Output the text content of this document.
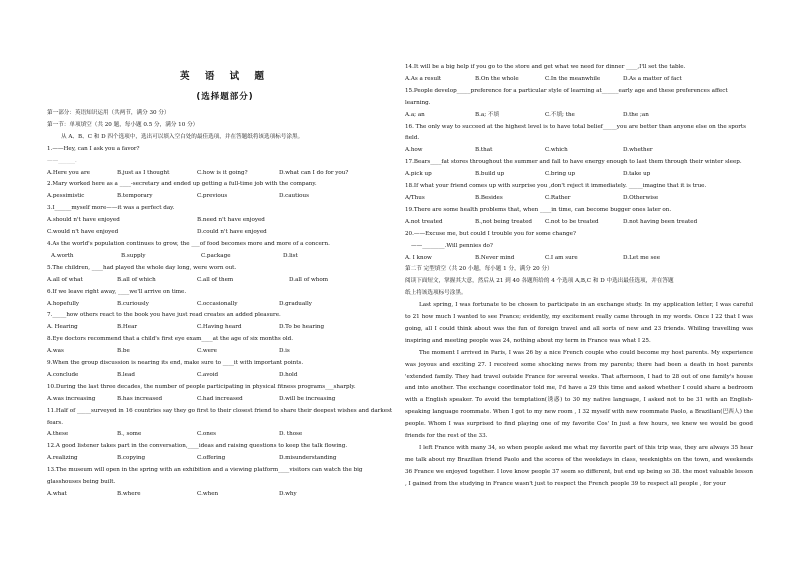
英 语 试 题
(选择题部分)
第一部分：英语知识运用（共两节，满分 30 分）
第一节：单项填空（共 20 题，每小题 0.5 分，满分 10 分）
从 A、B、C 和 D 四个选项中，选出可以填入空白处的最佳选项，并在答题纸将该选项标号涂黑。
1.——Hey, can I ask you a favor?
——______.
A.Here you are	B.just as I thought	C.how is it going?	D.what can I do for you?
2.Mary worked here as a ____-secretary and ended up getting a full-time job with the company.
A.pessimistic	B.temporary	C.previous	D.cautious
3.I______myself more——it was a perfect day.
A.should n't have enjoyed	B.need n't have enjoyed
C.would n't have enjoyed	D.could n't have enjoyed
4.As the world's population continues to grow, the ___of food becomes more and more of a concern.
A.worth	B.supply	C.package	D.list
5.The children, ____had played the whole day long, were worn out.
A.all of what	B.all of which	C.all of them	D.all of whom
6.If we leave right away, ____we'll arrive on time.
A.hopefully	B.curiously	C.occasionally	D.gradually
7._____how others react to the book you have just read creates an added pleasure.
A. Hearing	B.Hear	C.Having heard	D.To be hearing
8.Eye doctors recommend that a child's first eye exam____at the age of six months old.
A.was	B.be	C.were	D.is
9.When the group discussion is nearing its end, make sure to ____it with important points.
A.conclude	B.lead	C.avoid	D.hold
10.During the last three decades, the number of people participating in physical fitness programs___sharply.
A.was increasing	B.has increased	C.had increased	D.will be increasing
11.Half of _____surveyed in 16 countries say they go first to their closest friend to share their deepest wishes and darkest
fears.
A.these	B., some	C.ones	D. those
12.A good listener takes part in the conversation,____ideas and raising questions to keep the talk flowing.
A.realizing	B.copying	C.offering	D.misunderstanding
13.The museum will open in the spring with an exhibition and a viewing platform____visitors can watch the big
glasshouses being built.
A.what	B.where	C.when	D.why
14.It will be a big help if you go to the store and get what we need for dinner ____,I'll set the table.
A.As a result	B.On the whole	C.In the meanwhile	D.As a matter of fact
15.People develop_____preference for a particular style of learning at______early age and these preferences affect
learning.
A.a; an	B.a; 不填	C.不填; the	D.the ;an
16. The only way to succeed at the highest level is to have total belief_____you are better than anyone else on the sports
field.
A.how	B.that	C.which	D.whether
17.Bears____fat stores throughout the summer and fall to have energy enough to last them through their winter sleep.
A.pick up	B.build up	C.bring up	D.take up
18.If what your friend comes up with surprise you ,don't reject it immediately. _____imagine that it is true.
A/Thus	B.Besides	C.Rather	D.Otherwise
19.There are some health problems that, when ____in time, can become bugger ones later on.
A.not treated	B.,not being treated	C.not to be treated	D.not having been treated
20.——Excuse me, but could I trouble you for some change?
——________.Will pennies do?
A. I know	B.Never mind	C.I am sure	D.Let me see
第二节 完型填空（共 20 小题，每小题 1 分，满分 20 分）
阅读下面短文，掌握其大意，然后从 21 到 40 各题所给的 4 个选项 A,B,C 和 D 中选出最佳选项，并在答题
纸上将该选项标号涂黑。
Last spring, I was fortunate to be chosen to participate in an exchange study. In my application letter, I was careful to 21 how much I wanted to see France; evidently, my excitement really came through in my words. Once I 22 that I was going, all I could think about was the fun of foreign travel and all sorts of new and 23 friends. Whiling travelling was inspiring and meeting people was 24, nothing about my term in France was what I 25.
The moment I arrived in Paris, I was 26 by a nice French couple who could become my host parents. My experience was joyous and exciting 27. I received some shocking news from my parents; there had been a death in host parents 'extended family. They had travel outside France for several weeks. That afternoon, I had to 28 out of one family's house and into another. The exchange coordinator told me, I'd have a 29 this time and asked whether I could share a bedroom with a English speaker. To avoid the temptation(诱惑) to 30 my native language, I asked not to be 31 with an English-speaking language roommate. When I got to my new room , I 32 myself with new roommate Paolo, a Brazilian(巴西人) the people. Whom I was surprised to find playing one of my favorite Cos' In just a few hours, we knew we would be good friends for the rest of the 33.
I left France with many 34, so when people asked me what my favorite part of this trip was, they are always 35 hear me talk about my Brazilian friend Paolo and the scores of the weekdays in class, weeknights on the town, and weekends 36 France we enjoyed together. I love know people 37 seem so different, but end up being so 38. the most valuable lesson , I gained from the studying in France wasn't just to respect the French people 39 to respect all people , for your
